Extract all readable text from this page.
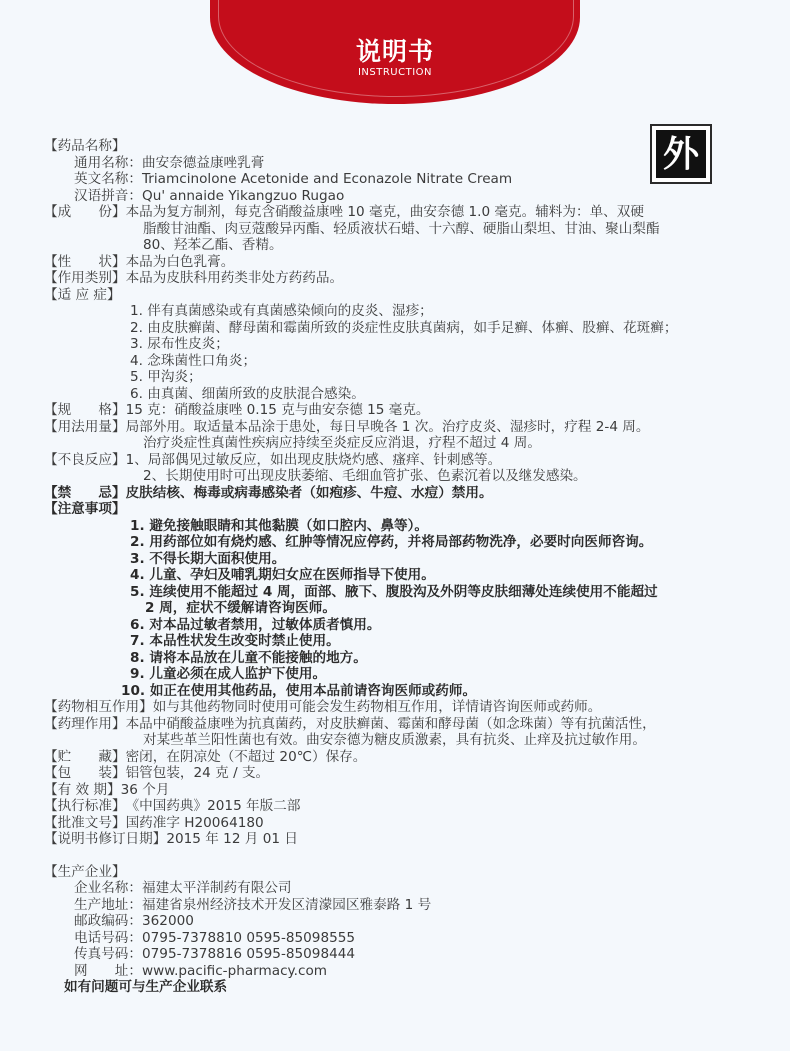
说明书
INSTRUCTION
外
【药品名称】
通用名称： 曲安奈德益康唑乳膏
英文名称： Triamcinolone Acetonide and Econazole Nitrate Cream
汉语拼音： Qu' annaide Yikangzuo Rugao
【成　　份】 本品为复方制剂，每克含硝酸益康唑 10 毫克，曲安奈德 1.0 毫克。辅料为：单、双硬
脂酸甘油酯、肉豆蔻酸异丙酯、轻质液状石蜡、十六醇、硬脂山梨坦、甘油、聚山梨酯
80、羟苯乙酯、香精。
【性　　状】 本品为白色乳膏。
【作用类别】 本品为皮肤科用药类非处方药药品。
【适 应 症】
1. 伴有真菌感染或有真菌感染倾向的皮炎、湿疹；
2. 由皮肤癣菌、酵母菌和霉菌所致的炎症性皮肤真菌病，如手足癣、体癣、股癣、花斑癣；
3. 尿布性皮炎；
4. 念珠菌性口角炎；
5. 甲沟炎；
6. 由真菌、细菌所致的皮肤混合感染。
【规　　格】 15 克：硝酸益康唑 0.15 克与曲安奈德 15 毫克。
【用法用量】 局部外用。取适量本品涂于患处，每日早晚各 1 次。治疗皮炎、湿疹时，疗程 2-4 周。
治疗炎症性真菌性疾病应持续至炎症反应消退，疗程不超过 4 周。
【不良反应】 1、局部偶见过敏反应，如出现皮肤烧灼感、瘙痒、针刺感等。
2、长期使用时可出现皮肤萎缩、毛细血管扩张、色素沉着以及继发感染。
【禁　　忌】 皮肤结核、梅毒或病毒感染者（如疱疹、牛痘、水痘）禁用。
【注意事项】
1. 避免接触眼睛和其他黏膜（如口腔内、鼻等）。
2. 用药部位如有烧灼感、红肿等情况应停药，并将局部药物洗净，必要时向医师咨询。
3. 不得长期大面积使用。
4. 儿童、孕妇及哺乳期妇女应在医师指导下使用。
5. 连续使用不能超过 4 周，面部、腋下、腹股沟及外阴等皮肤细薄处连续使用不能超过
2 周，症状不缓解请咨询医师。
6. 对本品过敏者禁用，过敏体质者慎用。
7. 本品性状发生改变时禁止使用。
8. 请将本品放在儿童不能接触的地方。
9. 儿童必须在成人监护下使用。
10. 如正在使用其他药品，使用本品前请咨询医师或药师。
【药物相互作用】 如与其他药物同时使用可能会发生药物相互作用，详情请咨询医师或药师。
【药理作用】 本品中硝酸益康唑为抗真菌药，对皮肤癣菌、霉菌和酵母菌（如念珠菌）等有抗菌活性，
对某些革兰阳性菌也有效。曲安奈德为糖皮质激素，具有抗炎、止痒及抗过敏作用。
【贮　　藏】 密闭，在阴凉处（不超过 20℃）保存。
【包　　装】 铝管包装，24 克 / 支。
【有 效 期】 36 个月
【执行标准】 《中国药典》2015 年版二部
【批准文号】 国药准字 H20064180
【说明书修订日期】 2015 年 12 月 01 日
【生产企业】
企业名称： 福建太平洋制药有限公司
生产地址： 福建省泉州经济技术开发区清濛园区雅泰路 1 号
邮政编码： 362000
电话号码： 0795-7378810 0595-85098555
传真号码： 0795-7378816 0595-85098444
网　　址： www.pacific-pharmacy.com
如有问题可与生产企业联系
